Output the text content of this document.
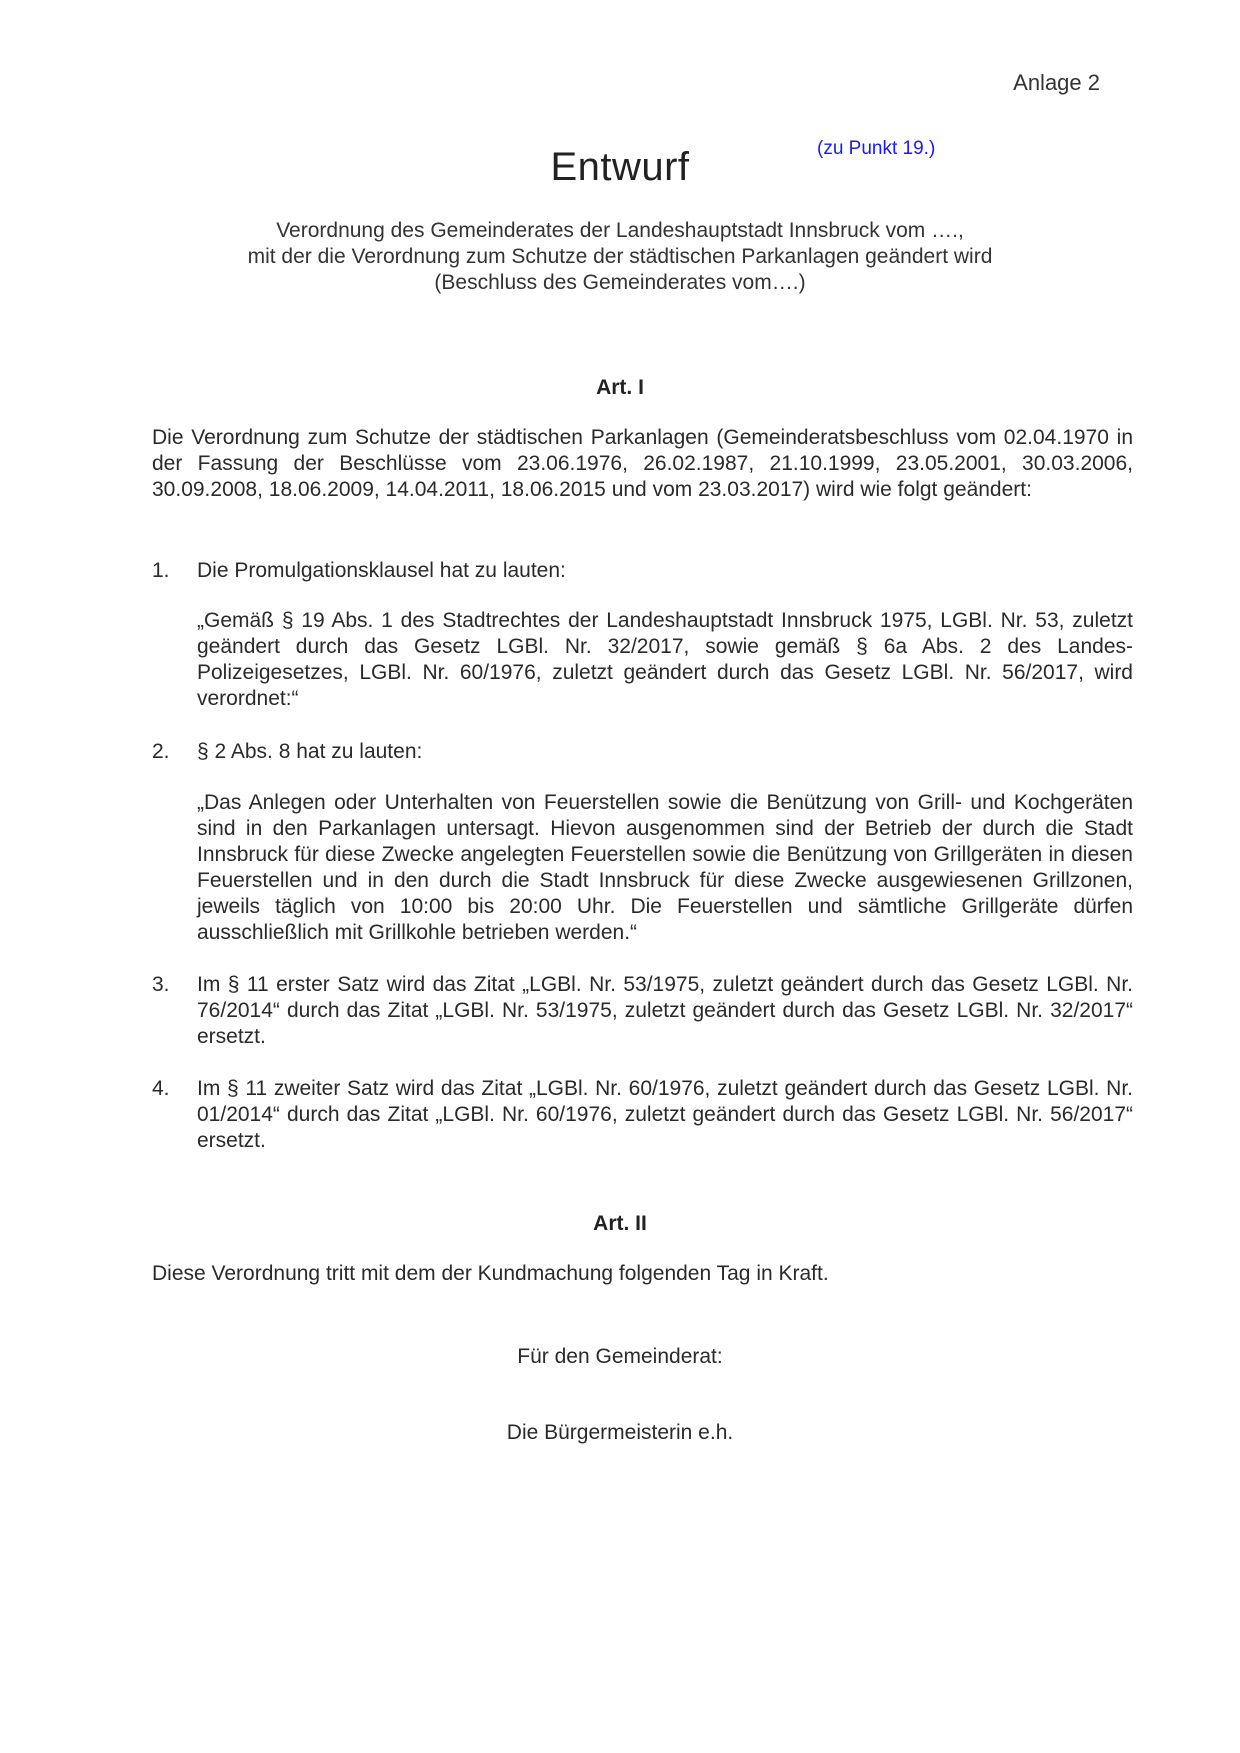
Anlage 2
Entwurf	(zu Punkt 19.)
Verordnung des Gemeinderates der Landeshauptstadt Innsbruck vom ….,
mit der die Verordnung zum Schutze der städtischen Parkanlagen geändert wird
(Beschluss des Gemeinderates vom….)
Art. I
Die Verordnung zum Schutze der städtischen Parkanlagen (Gemeinderatsbeschluss vom 02.04.1970 in der Fassung der Beschlüsse vom 23.06.1976, 26.02.1987, 21.10.1999, 23.05.2001, 30.03.2006, 30.09.2008, 18.06.2009, 14.04.2011, 18.06.2015 und vom 23.03.2017) wird wie folgt geändert:
1. Die Promulgationsklausel hat zu lauten:
„Gemäß § 19 Abs. 1 des Stadtrechtes der Landeshauptstadt Innsbruck 1975, LGBl. Nr. 53, zuletzt geändert durch das Gesetz LGBl. Nr. 32/2017, sowie gemäß § 6a Abs. 2 des Landes-Polizeigesetzes, LGBl. Nr. 60/1976, zuletzt geändert durch das Gesetz LGBl. Nr. 56/2017, wird verordnet:“
2. § 2 Abs. 8 hat zu lauten:
„Das Anlegen oder Unterhalten von Feuerstellen sowie die Benützung von Grill- und Kochgeräten sind in den Parkanlagen untersagt. Hievon ausgenommen sind der Betrieb der durch die Stadt Innsbruck für diese Zwecke angelegten Feuerstellen sowie die Benützung von Grillgeräten in diesen Feuerstellen und in den durch die Stadt Innsbruck für diese Zwecke ausgewiesenen Grillzonen, jeweils täglich von 10:00 bis 20:00 Uhr. Die Feuerstellen und sämtliche Grillgeräte dürfen ausschließlich mit Grillkohle betrieben werden.“
3. Im § 11 erster Satz wird das Zitat „LGBl. Nr. 53/1975, zuletzt geändert durch das Gesetz LGBl. Nr. 76/2014“ durch das Zitat „LGBl. Nr. 53/1975, zuletzt geändert durch das Gesetz LGBl. Nr. 32/2017“ ersetzt.
4. Im § 11 zweiter Satz wird das Zitat „LGBl. Nr. 60/1976, zuletzt geändert durch das Gesetz LGBl. Nr. 01/2014“ durch das Zitat „LGBl. Nr. 60/1976, zuletzt geändert durch das Gesetz LGBl. Nr. 56/2017“ ersetzt.
Art. II
Diese Verordnung tritt mit dem der Kundmachung folgenden Tag in Kraft.
Für den Gemeinderat:
Die Bürgermeisterin e.h.
